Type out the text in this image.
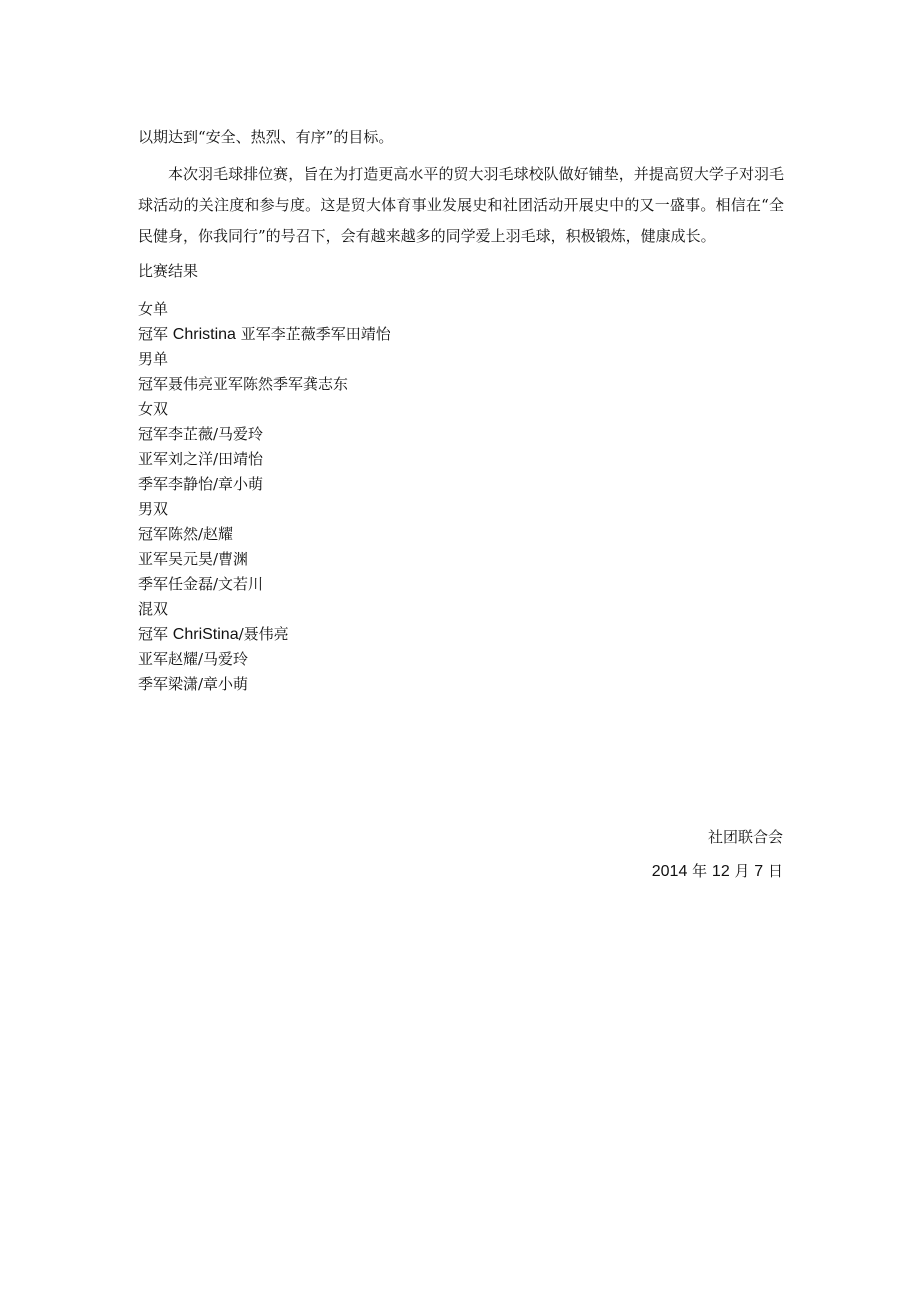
以期达到“安全、热烈、有序”的目标。

本次羽毛球排位赛，旨在为打造更高水平的贸大羽毛球校队做好铺垫，并提高贸大学子对羽毛球活动的关注度和参与度。这是贸大体育事业发展史和社团活动开展史中的又一盛事。相信在“全民健身，你我同行”的号召下，会有越来越多的同学爱上羽毛球，积极锻炼，健康成长。

比赛结果
女单
冠军 Christina 亚军李芷薇季军田靖怡
男单
冠军聂伟亮亚军陈然季军龚志东
女双
冠军李芷薇/马爱玲
亚军刘之洋/田靖怡
季军李静怡/章小萌
男双
冠军陈然/赵耀
亚军吴元昊/曹渊
季军任金磊/文若川
混双
冠军 ChriStina/聂伟亮
亚军赵耀/马爱玲
季军梁潇/章小萌
社团联合会
2014 年 12 月 7 日
